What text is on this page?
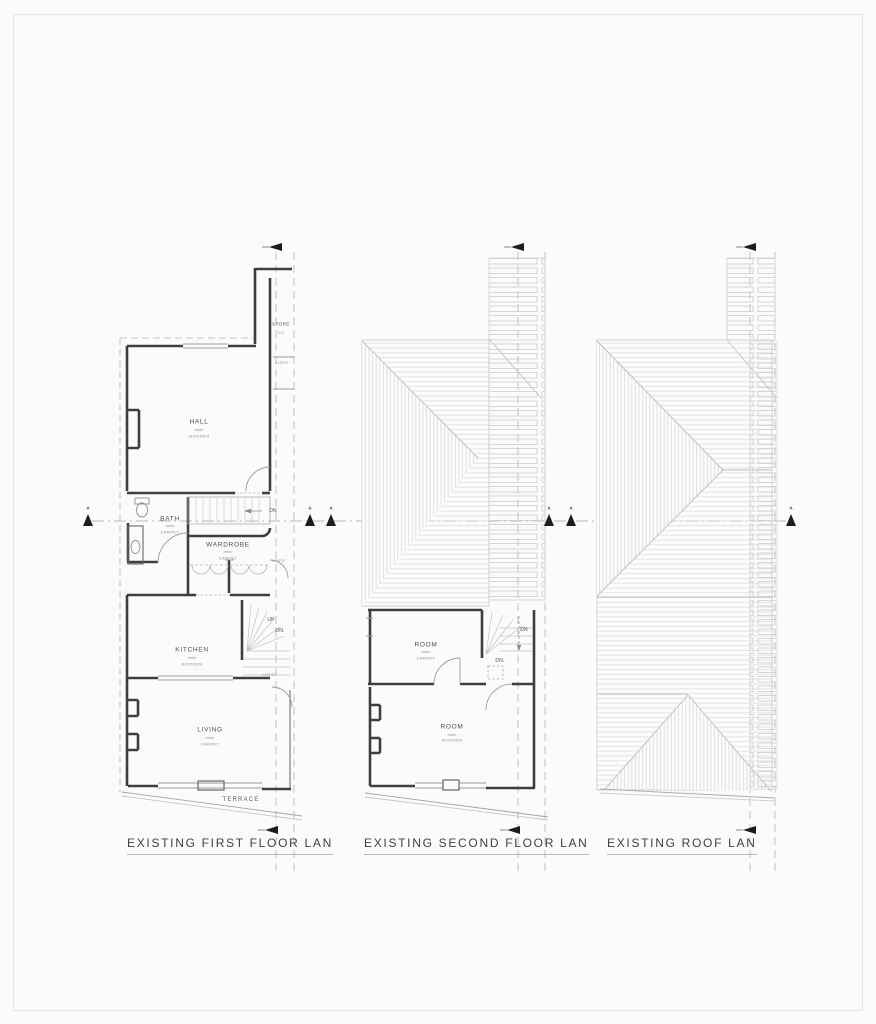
STORE
TILE
HALL
WOODEN
BATH
CARPET
WARDROBE
CARPET
KITCHEN
WOODEN
LIVING
CARPET
DN
UP
DN.
CARPET
CARPET
CARPET
TERRACE
ROOM
CARPET
ROOM
WOODEN
DN
DN.
A	A	A	A	A	A
EXISTING FIRST FLOOR LAN	EXISTING SECOND FLOOR LAN EXISTING ROOF LAN
